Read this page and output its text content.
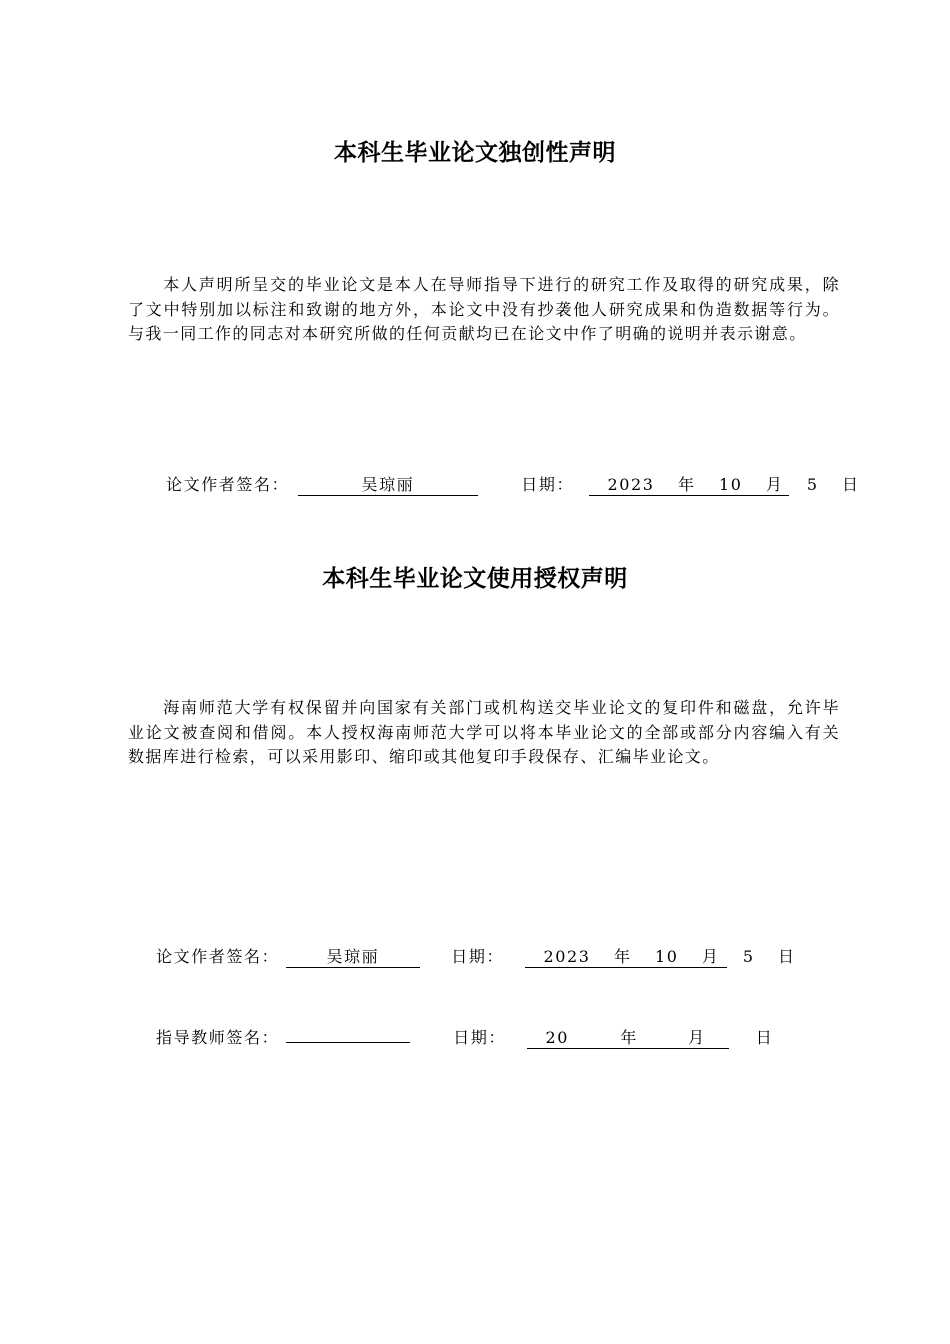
本科生毕业论文独创性声明

本人声明所呈交的毕业论文是本人在导师指导下进行的研究工作及取得的研究成果，除了文中特别加以标注和致谢的地方外，本论文中没有抄袭他人研究成果和伪造数据等行为。与我一同工作的同志对本研究所做的任何贡献均已在论文中作了明确的说明并表示谢意。

论文作者签名：	吴琼丽	日期： 2023 年 10 月 5 日
本科生毕业论文使用授权声明

海南师范大学有权保留并向国家有关部门或机构送交毕业论文的复印件和磁盘，允许毕业论文被查阅和借阅。本人授权海南师范大学可以将本毕业论文的全部或部分内容编入有关数据库进行检索，可以采用影印、缩印或其他复印手段保存、汇编毕业论文。

论文作者签名：	吴琼丽	日期： 2023 年 10 月 5 日
指导教师签名：	日期： 20	年	月	日
